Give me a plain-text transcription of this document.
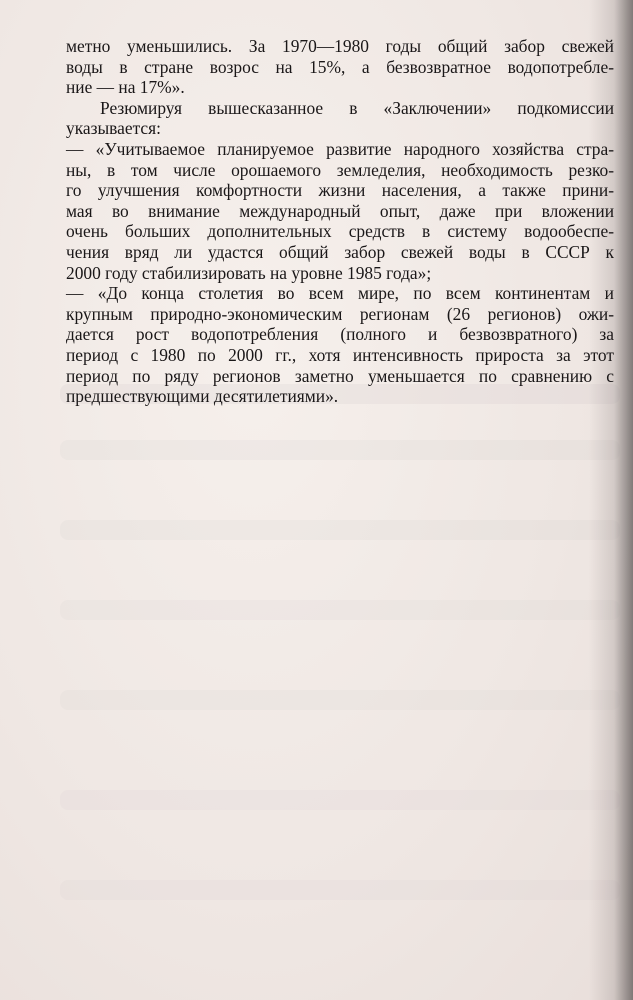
метно уменьшились. За 1970—1980 годы общий забор свежей
воды в стране возрос на 15%, а безвозвратное водопотребле-
ние — на 17%».
Резюмируя вышесказанное в «Заключении» подкомиссии
указывается:
— «Учитываемое планируемое развитие народного хозяйства стра-
ны, в том числе орошаемого земледелия, необходимость резко-
го улучшения комфортности жизни населения, а также прини-
мая во внимание международный опыт, даже при вложении
очень больших дополнительных средств в систему водообеспе-
чения вряд ли удастся общий забор свежей воды в СССР к
2000 году стабилизировать на уровне 1985 года»;
— «До конца столетия во всем мире, по всем континентам и
крупным природно-экономическим регионам (26 регионов) ожи-
дается рост водопотребления (полного и безвозвратного) за
период с 1980 по 2000 гг., хотя интенсивность прироста за этот
период по ряду регионов заметно уменьшается по сравнению с
предшествующими десятилетиями».
